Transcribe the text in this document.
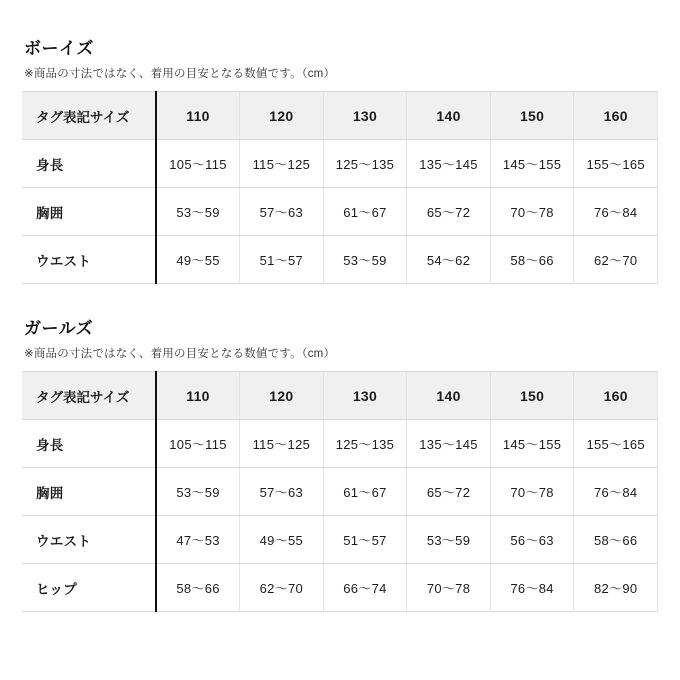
ボーイズ
※商品の寸法ではなく、着用の目安となる数値です。（cm）
タグ表記サイズ	110	120	130	140	150	160
身長	105〜115	115〜125	125〜135	135〜145	145〜155	155〜165
胸囲	53〜59	57〜63	61〜67	65〜72	70〜78	76〜84
ウエスト	49〜55	51〜57	53〜59	54〜62	58〜66	62〜70
ガールズ
※商品の寸法ではなく、着用の目安となる数値です。（cm）
タグ表記サイズ	110	120	130	140	150	160
身長	105〜115	115〜125	125〜135	135〜145	145〜155	155〜165
胸囲	53〜59	57〜63	61〜67	65〜72	70〜78	76〜84
ウエスト	47〜53	49〜55	51〜57	53〜59	56〜63	58〜66
ヒップ	58〜66	62〜70	66〜74	70〜78	76〜84	82〜90
